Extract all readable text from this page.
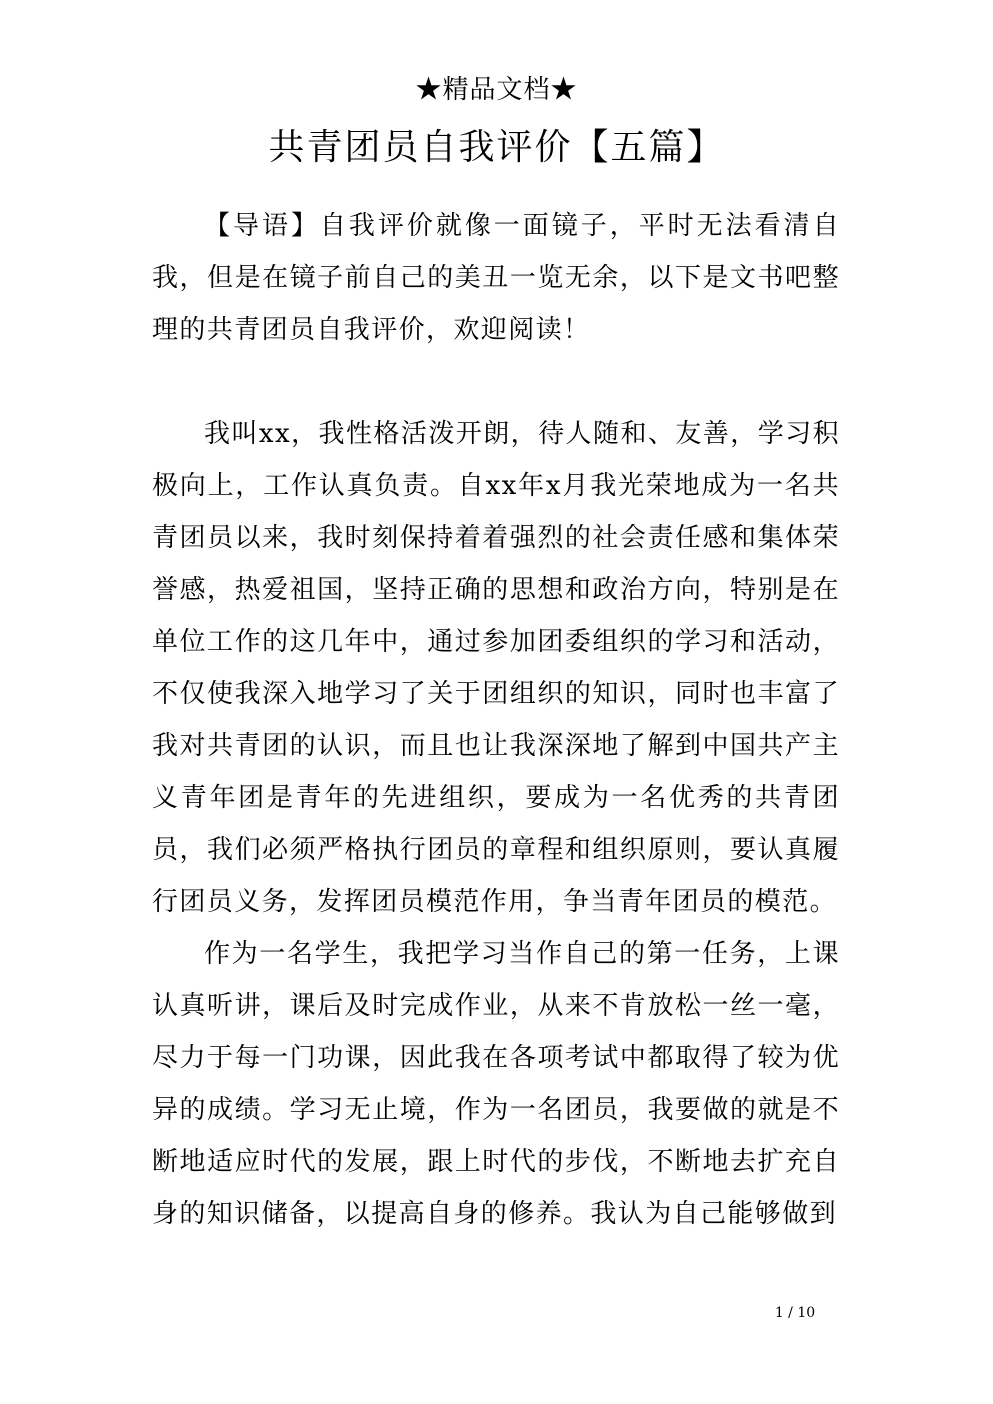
★精品文档★
共青团员自我评价【五篇】

【导语】自我评价就像一面镜子，平时无法看清自我，但是在镜子前自己的美丑一览无余，以下是文书吧整理的共青团员自我评价，欢迎阅读！

我叫xx，我性格活泼开朗，待人随和、友善，学习积极向上，工作认真负责。自xx年x月我光荣地成为一名共青团员以来，我时刻保持着着强烈的社会责任感和集体荣誉感，热爱祖国，坚持正确的思想和政治方向，特别是在单位工作的这几年中，通过参加团委组织的学习和活动，不仅使我深入地学习了关于团组织的知识，同时也丰富了我对共青团的认识，而且也让我深深地了解到中国共产主义青年团是青年的先进组织，要成为一名优秀的共青团员，我们必须严格执行团员的章程和组织原则，要认真履行团员义务，发挥团员模范作用，争当青年团员的模范。

作为一名学生，我把学习当作自己的第一任务，上课认真听讲，课后及时完成作业，从来不肯放松一丝一毫，尽力于每一门功课，因此我在各项考试中都取得了较为优异的成绩。学习无止境，作为一名团员，我要做的就是不断地适应时代的发展，跟上时代的步伐，不断地去扩充自身的知识储备，以提高自身的修养。我认为自己能够做到

1 / 10
